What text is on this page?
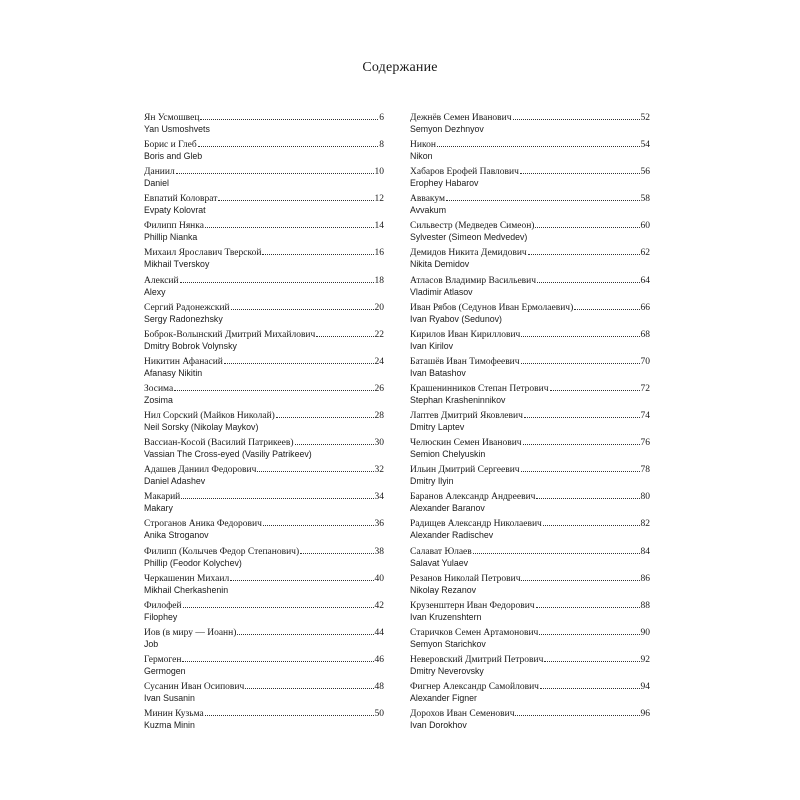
Содержание
Ян Усмошвец	6
Yan Usmoshvets
Борис и Глеб	8
Boris and Gleb
Даниил	10
Daniel
Евпатий Коловрат	12
Evpaty Kolovrat
Филипп Нянка	14
Phillip Nianka
Михаил Ярославич Тверской	16
Mikhail Tverskoy
Алексий	18
Alexy
Сергий Радонежский	20
Sergy Radonezhsky
Боброк-Волынский Дмитрий Михайлович	22
Dmitry Bobrok Volynsky
Никитин Афанасий	24
Afanasy Nikitin
Зосима	26
Zosima
Нил Сорский (Майков Николай)	28
Neil Sorsky (Nikolay Maykov)
Вассиан-Косой (Василий Патрикеев)	30
Vassian The Cross-eyed (Vasiliy Patrikeev)
Адашев Даниил Федорович	32
Daniel Adashev
Макарий	34
Makary
Строганов Аника Федорович	36
Anika Stroganov
Филипп (Колычев Федор Степанович)	38
Phillip (Feodor Kolychev)
Черкашенин Михаил	40
Mikhail Cherkashenin
Филофей	42
Filophey
Иов (в миру — Иоанн)	44
Job
Гермоген	46
Germogen
Сусанин Иван Осипович	48
Ivan Susanin
Минин Кузьма	50
Kuzma Minin
Дежнёв Семен Иванович	52
Semyon Dezhnyov
Никон	54
Nikon
Хабаров Ерофей Павлович	56
Erophey Habarov
Аввакум	58
Avvakum
Сильвестр (Медведев Симеон)	60
Sylvester (Simeon Medvedev)
Демидов Никита Демидович	62
Nikita Demidov
Атласов Владимир Васильевич	64
Vladimir Atlasov
Иван Рябов (Седунов Иван Ермолаевич)	66
Ivan Ryabov (Sedunov)
Кирилов Иван Кириллович	68
Ivan Kirilov
Баташёв Иван Тимофеевич	70
Ivan Batashov
Крашенинников Степан Петрович	72
Stephan Krasheninnikov
Лаптев Дмитрий Яковлевич	74
Dmitry Laptev
Челюскин Семен Иванович	76
Semion Chelyuskin
Ильин Дмитрий Сергеевич	78
Dmitry Ilyin
Баранов Александр Андреевич	80
Alexander Baranov
Радищев Александр Николаевич	82
Alexander Radischev
Салават Юлаев	84
Salavat Yulaev
Резанов Николай Петрович	86
Nikolay Rezanov
Крузенштерн Иван Федорович	88
Ivan Kruzenshtern
Старичков Семен Артамонович	90
Semyon Starichkov
Неверовский Дмитрий Петрович	92
Dmitry Neverovsky
Фигнер Александр Самойлович	94
Alexander Figner
Дорохов Иван Семенович	96
Ivan Dorokhov
